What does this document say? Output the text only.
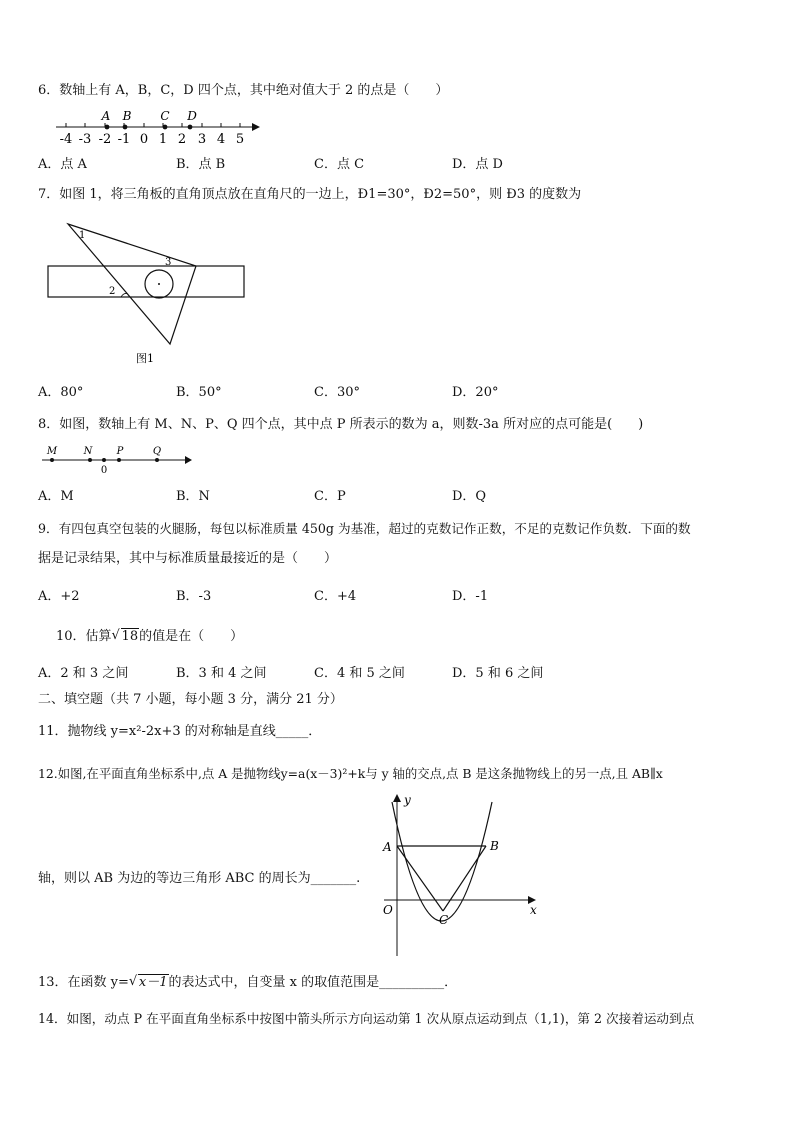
6．数轴上有 A，B，C，D 四个点，其中绝对值大于 2 的点是（　　）
-4 -3 -2 -1 0 1 2 3 4 5
A B C D
A．点 A	B．点 B	C．点 C	D．点 D
7．如图 1，将三角板的直角顶点放在直角尺的一边上，Ð1=30°，Ð2=50°，则 Ð3 的度数为
1
2
3
图1
A．80°	B．50°	C．30°	D．20°
8．如图，数轴上有 M、N、P、Q 四个点，其中点 P 所表示的数为 a，则数-3a 所对应的点可能是(　　)
M	N P	Q
0
A．M	B．N	C．P	D．Q
9．有四包真空包装的火腿肠，每包以标准质量 450g 为基准，超过的克数记作正数，不足的克数记作负数．下面的数
据是记录结果，其中与标准质量最接近的是（　　）
A．+2	B．-3	C．+4	D．-1
10．估算 √ 18的值是在（　　）
A．2 和 3 之间	B．3 和 4 之间	C．4 和 5 之间	D．5 和 6 之间
二、填空题（共 7 小题，每小题 3 分，满分 21 分）
11．抛物线 y=x²-2x+3 的对称轴是直线_____．
12.如图,在平面直角坐标系中,点 A 是抛物线y=a(x－3)²+k与 y 轴的交点,点 B 是这条抛物线上的另一点,且 AB∥x
轴，则以 AB 为边的等边三角形 ABC 的周长为_______.
y
x
A	B
C
O
13．在函数 y= √ x－1的表达式中，自变量 x 的取值范围是__________．
14．如图，动点 P 在平面直角坐标系中按图中箭头所示方向运动第 1 次从原点运动到点（1,1)，第 2 次接着运动到点
